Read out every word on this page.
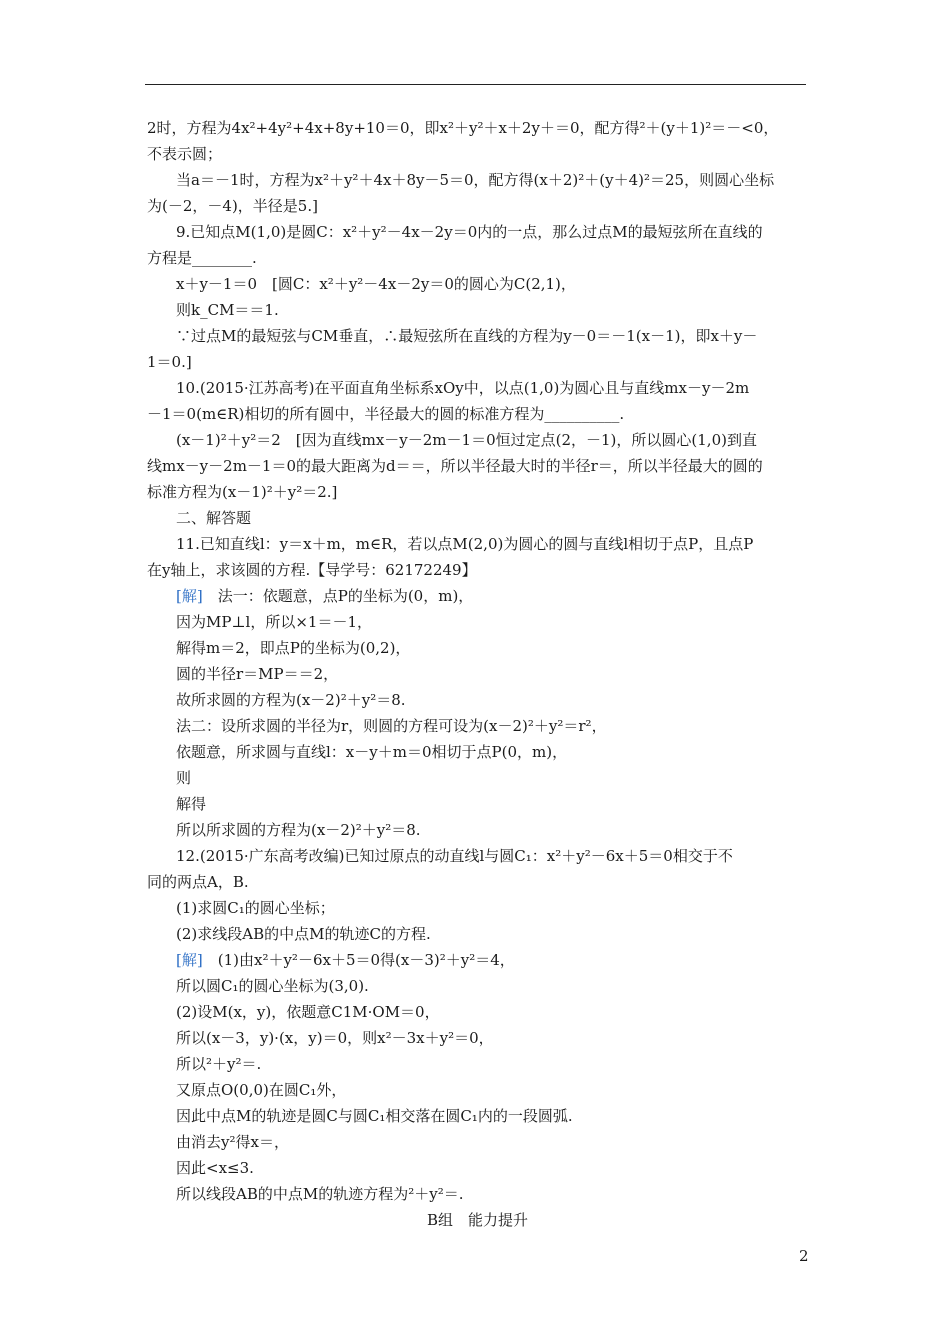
2时，方程为4x²+4y²+4x+8y+10＝0，即x²＋y²＋x＋2y＋＝0，配方得²＋(y＋1)²＝－<0，
不表示圆；
当a＝－1时，方程为x²＋y²＋4x＋8y－5＝0，配方得(x＋2)²＋(y＋4)²＝25，则圆心坐标
为(－2，－4)，半径是5.]
9.已知点M(1,0)是圆C：x²＋y²－4x－2y＝0内的一点，那么过点M的最短弦所在直线的
方程是________.
x＋y－1＝0　[圆C：x²＋y²－4x－2y＝0的圆心为C(2,1)，
则k_CM＝＝1.
∵过点M的最短弦与CM垂直，∴最短弦所在直线的方程为y－0＝－1(x－1)，即x＋y－
1＝0.]
10.(2015·江苏高考)在平面直角坐标系xOy中，以点(1,0)为圆心且与直线mx－y－2m
－1＝0(m∈R)相切的所有圆中，半径最大的圆的标准方程为__________.
(x－1)²＋y²＝2　[因为直线mx－y－2m－1＝0恒过定点(2，－1)，所以圆心(1,0)到直
线mx－y－2m－1＝0的最大距离为d＝＝，所以半径最大时的半径r＝，所以半径最大的圆的
标准方程为(x－1)²＋y²＝2.]
二、解答题
11.已知直线l：y＝x＋m，m∈R，若以点M(2,0)为圆心的圆与直线l相切于点P，且点P
在y轴上，求该圆的方程.【导学号：62172249】
[解]　 法一：依题意，点P的坐标为(0，m)，
因为MP⊥l，所以×1＝－1，
解得m＝2，即点P的坐标为(0,2)，
圆的半径r＝MP＝＝2，
故所求圆的方程为(x－2)²＋y²＝8.
法二：设所求圆的半径为r，则圆的方程可设为(x－2)²＋y²＝r²，
依题意，所求圆与直线l：x－y＋m＝0相切于点P(0，m)，
则
解得
所以所求圆的方程为(x－2)²＋y²＝8.
12.(2015·广东高考改编)已知过原点的动直线l与圆C₁：x²＋y²－6x＋5＝0相交于不
同的两点A，B.
(1)求圆C₁的圆心坐标；
(2)求线段AB的中点M的轨迹C的方程.
[解]　 (1)由x²＋y²－6x＋5＝0得(x－3)²＋y²＝4，
所以圆C₁的圆心坐标为(3,0).
(2)设M(x，y)，依题意C1M·OM＝0，
所以(x－3，y)·(x，y)＝0，则x²－3x＋y²＝0，
所以²＋y²＝.
又原点O(0,0)在圆C₁外，
因此中点M的轨迹是圆C与圆C₁相交落在圆C₁内的一段圆弧.
由消去y²得x＝，
因此<x≤3.
所以线段AB的中点M的轨迹方程为²＋y²＝.
B组　能力提升
2
